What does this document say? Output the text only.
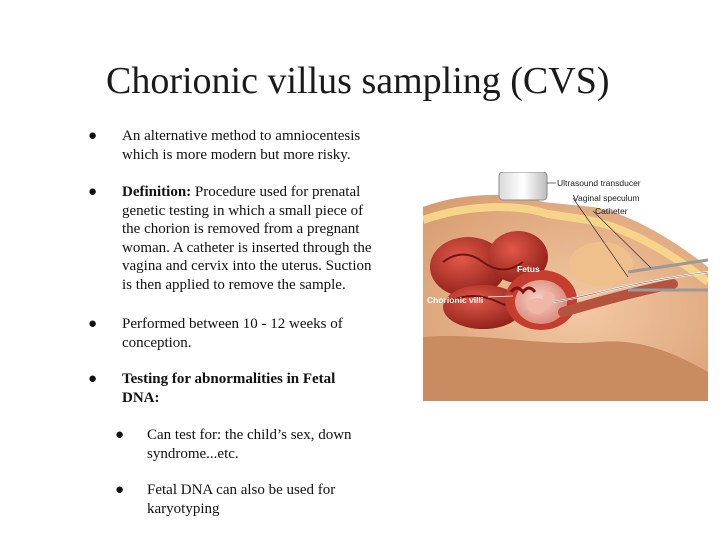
Chorionic villus sampling (CVS)
● An alternative method to amniocentesis
which is more modern but more risky.
● Definition: Procedure used for prenatal
genetic testing in which a small piece of
the chorion is removed from a pregnant
woman. A catheter is inserted through the
vagina and cervix into the uterus. Suction
is then applied to remove the sample.
● Performed between 10 - 12 weeks of
conception.
● Testing for abnormalities in Fetal
DNA:
● Can test for: the child’s sex, down
syndrome...etc.
● Fetal DNA can also be used for
karyotyping
Ultrasound transducer
Vaginal speculum
Catheter
Fetus
Chorionic villi
